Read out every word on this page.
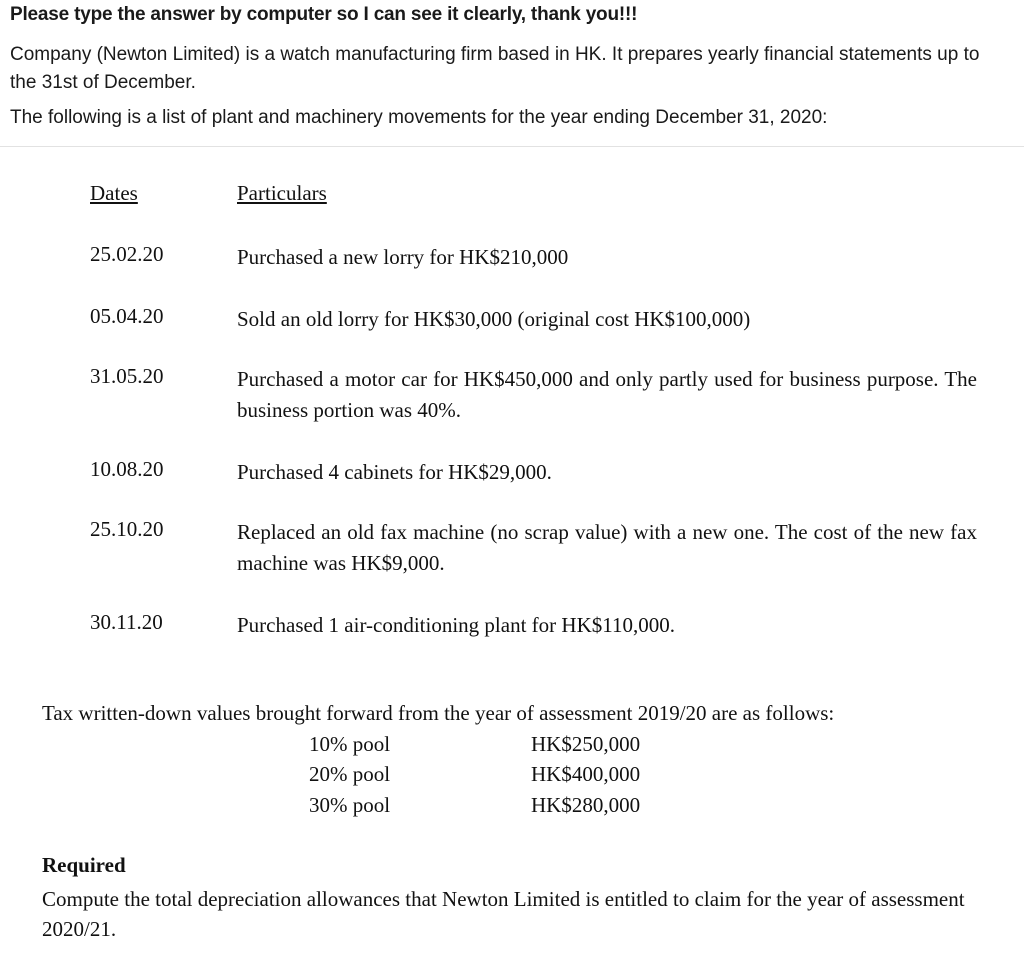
Please type the answer by computer so I can see it clearly, thank you!!!
Company (Newton Limited) is a watch manufacturing firm based in HK. It prepares yearly financial statements up to the 31st of December.
The following is a list of plant and machinery movements for the year ending December 31, 2020:
Dates	Particulars
25.02.20	Purchased a new lorry for HK$210,000
05.04.20	Sold an old lorry for HK$30,000 (original cost HK$100,000)
31.05.20	Purchased a motor car for HK$450,000 and only partly used for business purpose. The business portion was 40%.
10.08.20	Purchased 4 cabinets for HK$29,000.
25.10.20	Replaced an old fax machine (no scrap value) with a new one. The cost of the new fax machine was HK$9,000.
30.11.20	Purchased 1 air-conditioning plant for HK$110,000.
Tax written-down values brought forward from the year of assessment 2019/20 are as follows:
10% pool	HK$250,000
20% pool	HK$400,000
30% pool	HK$280,000
Required
Compute the total depreciation allowances that Newton Limited is entitled to claim for the year of assessment 2020/21.
